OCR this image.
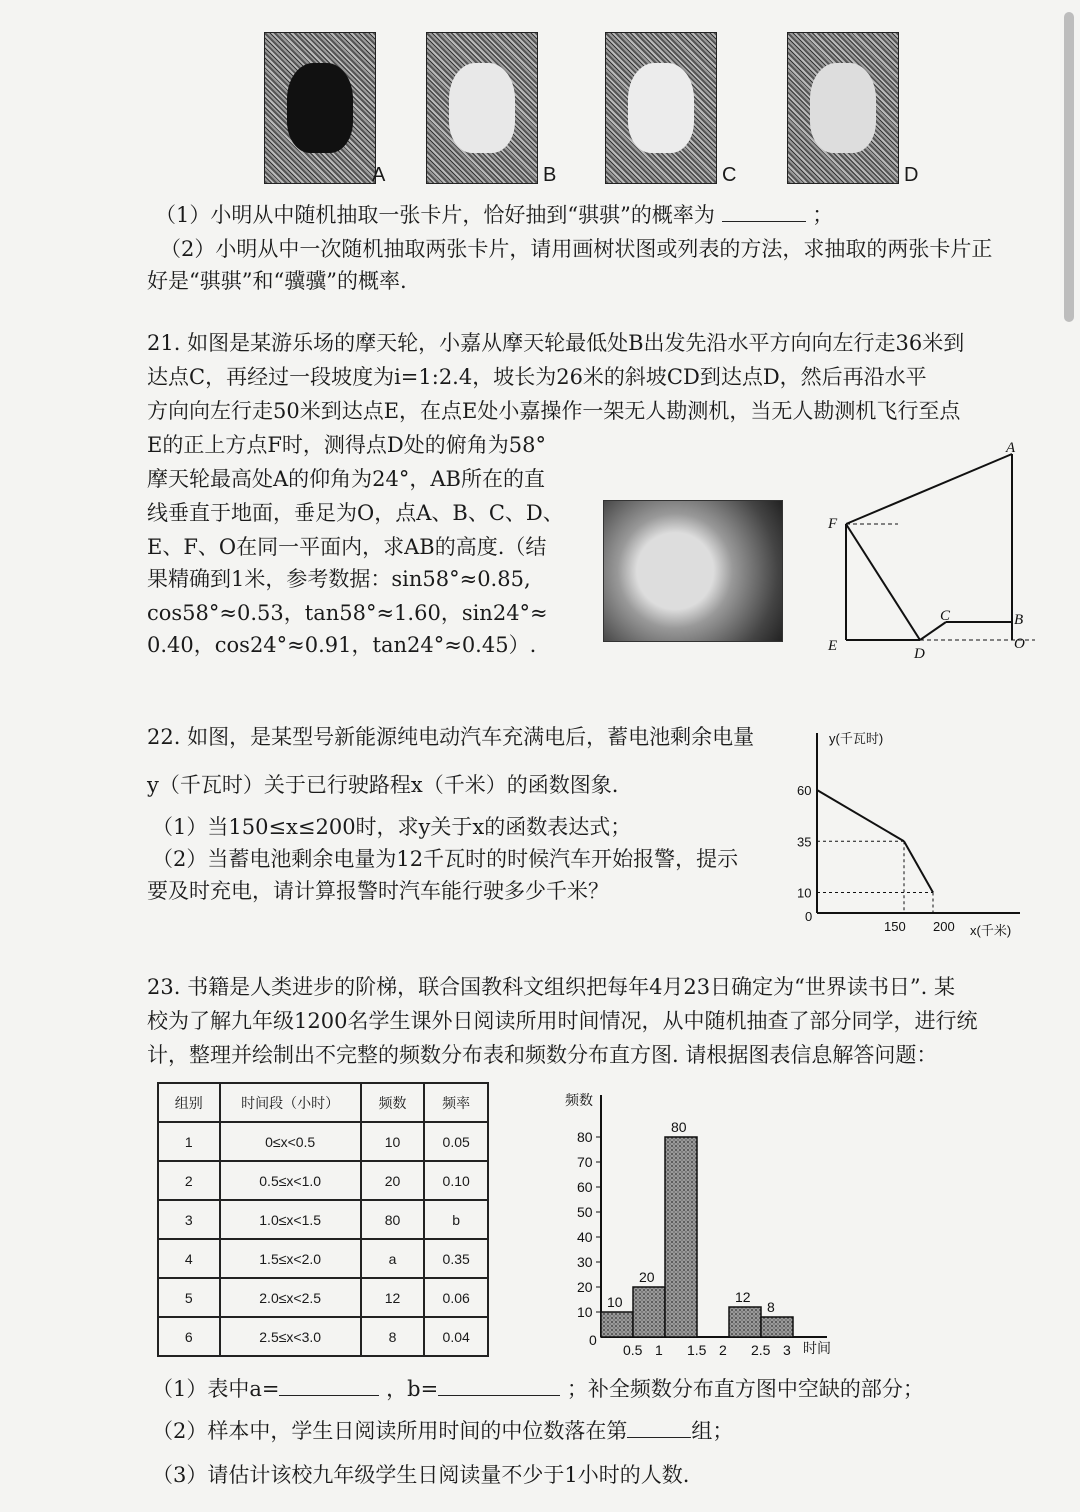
A	B	C	D
（1）小明从中随机抽取一张卡片，恰好抽到“骐骐”的概率为	；
（2）小明从中一次随机抽取两张卡片，请用画树状图或列表的方法，求抽取的两张卡片正
好是“骐骐”和“骥骥”的概率.
21. 如图是某游乐场的摩天轮，小嘉从摩天轮最低处B出发先沿水平方向向左行走36米到
达点C，再经过一段坡度为i=1:2.4，坡长为26米的斜坡CD到达点D，然后再沿水平
方向向左行走50米到达点E，在点E处小嘉操作一架无人勘测机，当无人勘测机飞行至点
E的正上方点F时，测得点D处的俯角为58°
摩天轮最高处A的仰角为24°，AB所在的直
线垂直于地面，垂足为O，点A、B、C、D、
E、F、O在同一平面内，求AB的高度.（结
果精确到1米，参考数据：sin58°≈0.85,
cos58°≈0.53，tan58°≈1.60，sin24°≈
0.40，cos24°≈0.91，tan24°≈0.45）.
A
B
C
D
E
F
O
22. 如图，是某型号新能源纯电动汽车充满电后，蓄电池剩余电量
y（千瓦时）关于已行驶路程x（千米）的函数图象.
（1）当150≤x≤200时，求y关于x的函数表达式；
（2）当蓄电池剩余电量为12千瓦时的时候汽车开始报警，提示
要及时充电，请计算报警时汽车能行驶多少千米？
y(千瓦时)
x(千米)
0
60
35
10
150 200
23. 书籍是人类进步的阶梯，联合国教科文组织把每年4月23日确定为“世界读书日”. 某
校为了解九年级1200名学生课外日阅读所用时间情况，从中随机抽查了部分同学，进行统
计，整理并绘制出不完整的频数分布表和频数分布直方图. 请根据图表信息解答问题：
组别	时间段（小时）	频数	频率
1	0≤x<0.5	10	0.05
2	0.5≤x<1.0	20	0.10
3	1.0≤x<1.5	80	b
4	1.5≤x<2.0	a	0.35
5	2.0≤x<2.5	12	0.06
6	2.5≤x<3.0	8	0.04
频数
时间
0
10
20
30
40
50
60
70
80
0.5 1 1.5 2 2.5 3
10
20
80
12
8
（1）表中a=	，b=	；补全频数分布直方图中空缺的部分；
（2）样本中，学生日阅读所用时间的中位数落在第	组；
（3）请估计该校九年级学生日阅读量不少于1小时的人数.
